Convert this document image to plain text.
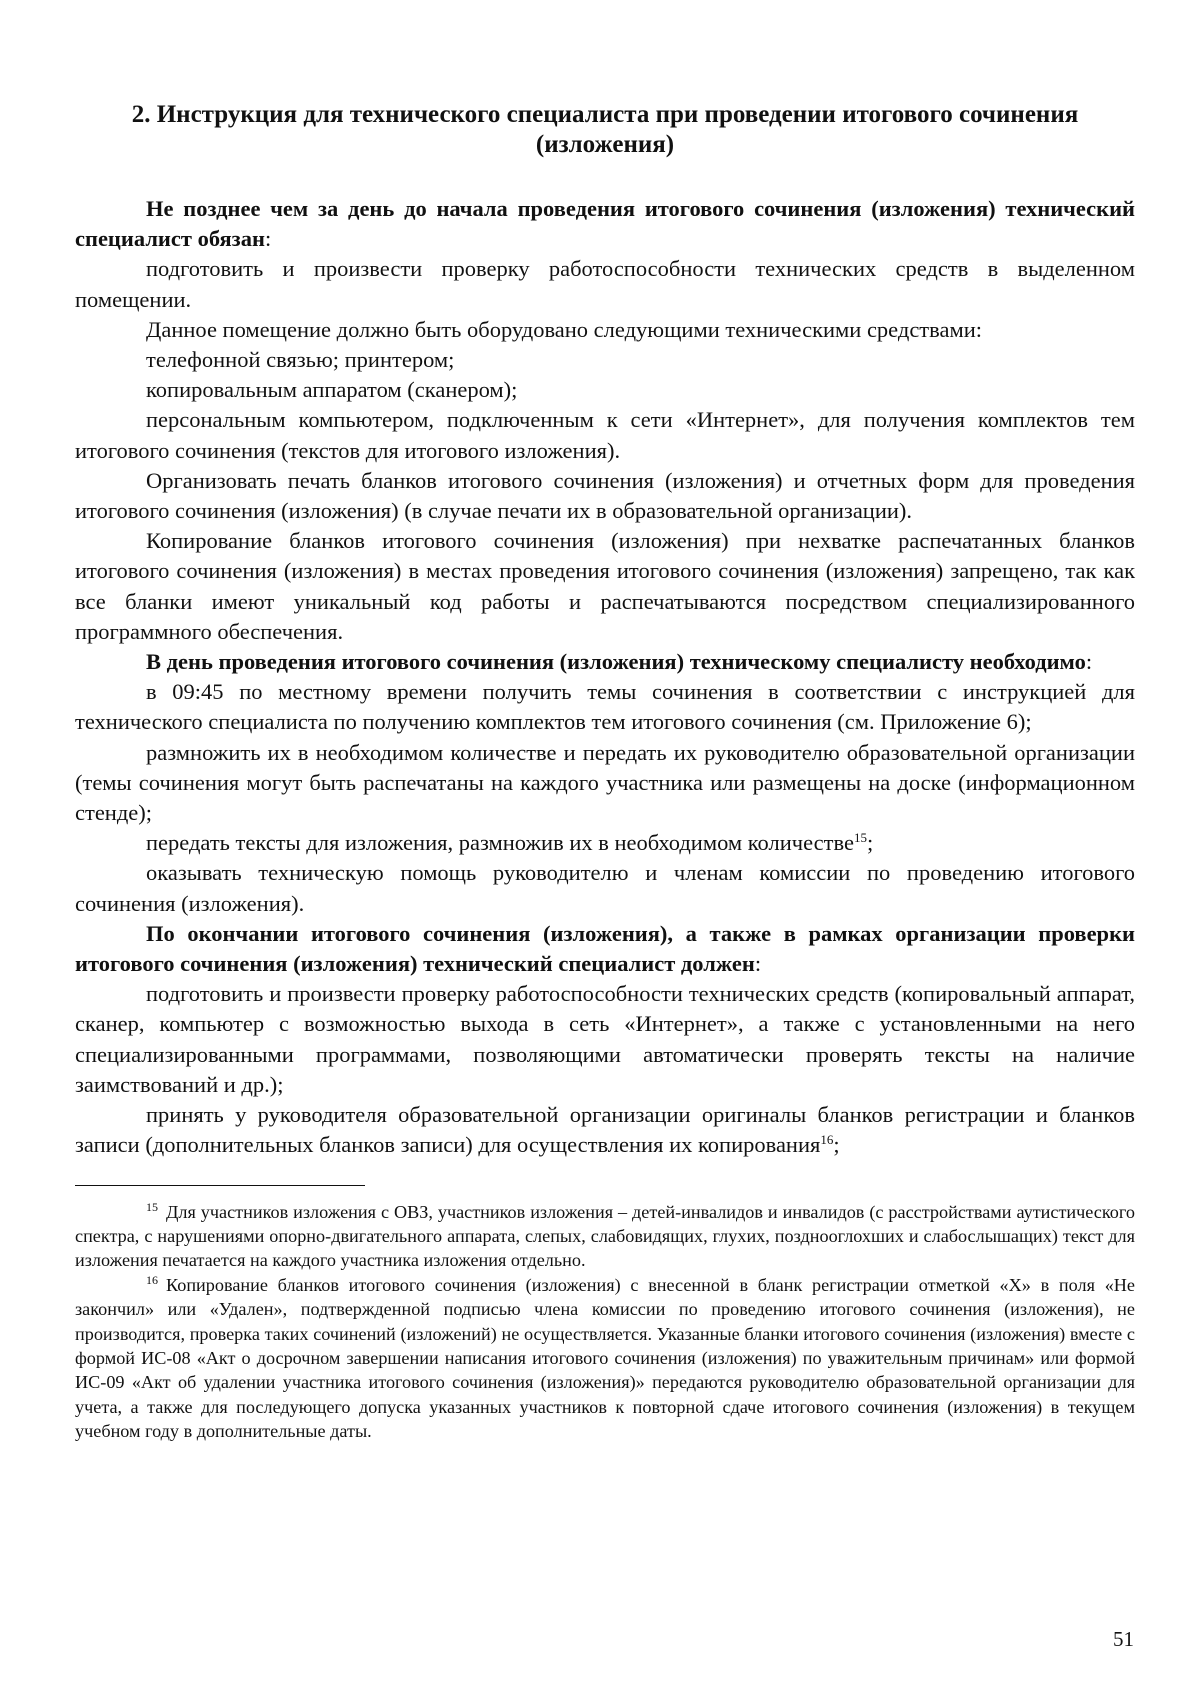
2. Инструкция для технического специалиста при проведении итогового сочинения (изложения)

Не позднее чем за день до начала проведения итогового сочинения (изложения) технический специалист обязан:

подготовить и произвести проверку работоспособности технических средств в выделенном помещении.

Данное помещение должно быть оборудовано следующими техническими средствами:

телефонной связью; принтером;

копировальным аппаратом (сканером);

персональным компьютером, подключенным к сети «Интернет», для получения комплектов тем итогового сочинения (текстов для итогового изложения).

Организовать печать бланков итогового сочинения (изложения) и отчетных форм для проведения итогового сочинения (изложения) (в случае печати их в образовательной организации).

Копирование бланков итогового сочинения (изложения) при нехватке распечатанных бланков итогового сочинения (изложения) в местах проведения итогового сочинения (изложения) запрещено, так как все бланки имеют уникальный код работы и распечатываются посредством специализированного программного обеспечения.

В день проведения итогового сочинения (изложения) техническому специалисту необходимо:

в 09:45 по местному времени получить темы сочинения в соответствии с инструкцией для технического специалиста по получению комплектов тем итогового сочинения (см. Приложение 6);

размножить их в необходимом количестве и передать их руководителю образовательной организации (темы сочинения могут быть распечатаны на каждого участника или размещены на доске (информационном стенде);

передать тексты для изложения, размножив их в необходимом количестве$^{15}$;

оказывать техническую помощь руководителю и членам комиссии по проведению итогового сочинения (изложения).

По окончании итогового сочинения (изложения), а также в рамках организации проверки итогового сочинения (изложения) технический специалист должен:

подготовить и произвести проверку работоспособности технических средств (копировальный аппарат, сканер, компьютер с возможностью выхода в сеть «Интернет», а также с установленными на него специализированными программами, позволяющими автоматически проверять тексты на наличие заимствований и др.);

принять у руководителя образовательной организации оригиналы бланков регистрации и бланков записи (дополнительных бланков записи) для осуществления их копирования$^{16}$;

$^{15}$ Для участников изложения с ОВЗ, участников изложения – детей-инвалидов и инвалидов (с расстройствами аутистического спектра, с нарушениями опорно-двигательного аппарата, слепых, слабовидящих, глухих, позднооглохших и слабослышащих) текст для изложения печатается на каждого участника изложения отдельно.

$^{16}$ Копирование бланков итогового сочинения (изложения) с внесенной в бланк регистрации отметкой «Х» в поля «Не закончил» или «Удален», подтвержденной подписью члена комиссии по проведению итогового сочинения (изложения), не производится, проверка таких сочинений (изложений) не осуществляется. Указанные бланки итогового сочинения (изложения) вместе с формой ИС-08 «Акт о досрочном завершении написания итогового сочинения (изложения) по уважительным причинам» или формой ИС-09 «Акт об удалении участника итогового сочинения (изложения)» передаются руководителю образовательной организации для учета, а также для последующего допуска указанных участников к повторной сдаче итогового сочинения (изложения) в текущем учебном году в дополнительные даты.

51
